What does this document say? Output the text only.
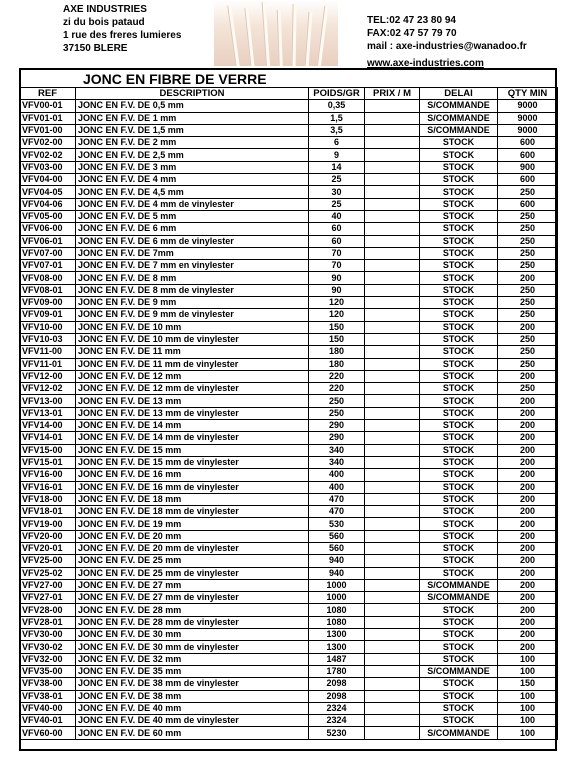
AXE INDUSTRIES
zi du bois pataud
1 rue des freres lumieres
37150 BLERE
TEL:02 47 23 80 94
FAX:02 47 57 79 70
mail : axe-industries@wanadoo.fr
www.axe-industries.com
JONC EN FIBRE DE VERRE
REF	DESCRIPTION	POIDS/GR	PRIX / M	DELAI	QTY MIN
VFV00-01	JONC EN F.V. DE 0,5 mm	0,35		S/COMMANDE	9000
VFV01-01	JONC EN F.V. DE 1 mm	1,5		S/COMMANDE	9000
VFV01-00	JONC EN F.V. DE 1,5 mm	3,5		S/COMMANDE	9000
VFV02-00	JONC EN F.V. DE 2 mm	6		STOCK	600
VFV02-02	JONC EN F.V. DE 2,5 mm	9		STOCK	600
VFV03-00	JONC EN F.V. DE 3 mm	14		STOCK	900
VFV04-00	JONC EN F.V. DE 4 mm	25		STOCK	600
VFV04-05	JONC EN F.V. DE 4,5 mm	30		STOCK	250
VFV04-06	JONC EN F.V. DE 4 mm de vinylester	25		STOCK	600
VFV05-00	JONC EN F.V. DE 5 mm	40		STOCK	250
VFV06-00	JONC EN F.V. DE 6 mm	60		STOCK	250
VFV06-01	JONC EN F.V. DE 6 mm de vinylester	60		STOCK	250
VFV07-00	JONC EN F.V. DE 7mm	70		STOCK	250
VFV07-01	JONC EN F.V. DE 7 mm en vinylester	70		STOCK	250
VFV08-00	JONC EN F.V. DE 8 mm	90		STOCK	200
VFV08-01	JONC EN F.V. DE 8 mm de vinylester	90		STOCK	250
VFV09-00	JONC EN F.V. DE 9 mm	120		STOCK	250
VFV09-01	JONC EN F.V. DE 9 mm de vinylester	120		STOCK	250
VFV10-00	JONC EN F.V. DE 10 mm	150		STOCK	200
VFV10-03	JONC EN F.V. DE 10 mm de vinylester	150		STOCK	250
VFV11-00	JONC EN F.V. DE 11 mm	180		STOCK	250
VFV11-01	JONC EN F.V. DE 11 mm de vinylester	180		STOCK	250
VFV12-00	JONC EN F.V. DE 12 mm	220		STOCK	200
VFV12-02	JONC EN F.V. DE 12 mm de vinylester	220		STOCK	250
VFV13-00	JONC EN F.V. DE 13 mm	250		STOCK	200
VFV13-01	JONC EN F.V. DE 13 mm de vinylester	250		STOCK	200
VFV14-00	JONC EN F.V. DE 14 mm	290		STOCK	200
VFV14-01	JONC EN F.V. DE 14 mm de vinylester	290		STOCK	200
VFV15-00	JONC EN F.V. DE 15 mm	340		STOCK	200
VFV15-01	JONC EN F.V. DE 15 mm de vinylester	340		STOCK	200
VFV16-00	JONC EN F.V. DE 16 mm	400		STOCK	200
VFV16-01	JONC EN F.V. DE 16 mm de vinylester	400		STOCK	200
VFV18-00	JONC EN F.V. DE 18 mm	470		STOCK	200
VFV18-01	JONC EN F.V. DE 18 mm de vinylester	470		STOCK	200
VFV19-00	JONC EN F.V. DE 19 mm	530		STOCK	200
VFV20-00	JONC EN F.V. DE 20 mm	560		STOCK	200
VFV20-01	JONC EN F.V. DE 20 mm de vinylester	560		STOCK	200
VFV25-00	JONC EN F.V. DE 25 mm	940		STOCK	200
VFV25-02	JONC EN F.V. DE 25 mm de vinylester	940		STOCK	200
VFV27-00	JONC EN F.V. DE 27 mm	1000		S/COMMANDE	200
VFV27-01	JONC EN F.V. DE 27 mm de vinylester	1000		S/COMMANDE	200
VFV28-00	JONC EN F.V. DE 28 mm	1080		STOCK	200
VFV28-01	JONC EN F.V. DE 28 mm de vinylester	1080		STOCK	200
VFV30-00	JONC EN F.V. DE 30 mm	1300		STOCK	200
VFV30-02	JONC EN F.V. DE 30 mm de vinylester	1300		STOCK	200
VFV32-00	JONC EN F.V. DE 32 mm	1487		STOCK	100
VFV35-00	JONC EN F.V. DE 35 mm	1780		S/COMMANDE	100
VFV38-00	JONC EN F.V. DE 38 mm de vinylester	2098		STOCK	150
VFV38-01	JONC EN F.V. DE 38 mm	2098		STOCK	100
VFV40-00	JONC EN F.V. DE 40 mm	2324		STOCK	100
VFV40-01	JONC EN F.V. DE 40 mm de vinylester	2324		STOCK	100
VFV60-00	JONC EN F.V. DE 60 mm	5230		S/COMMANDE	100
